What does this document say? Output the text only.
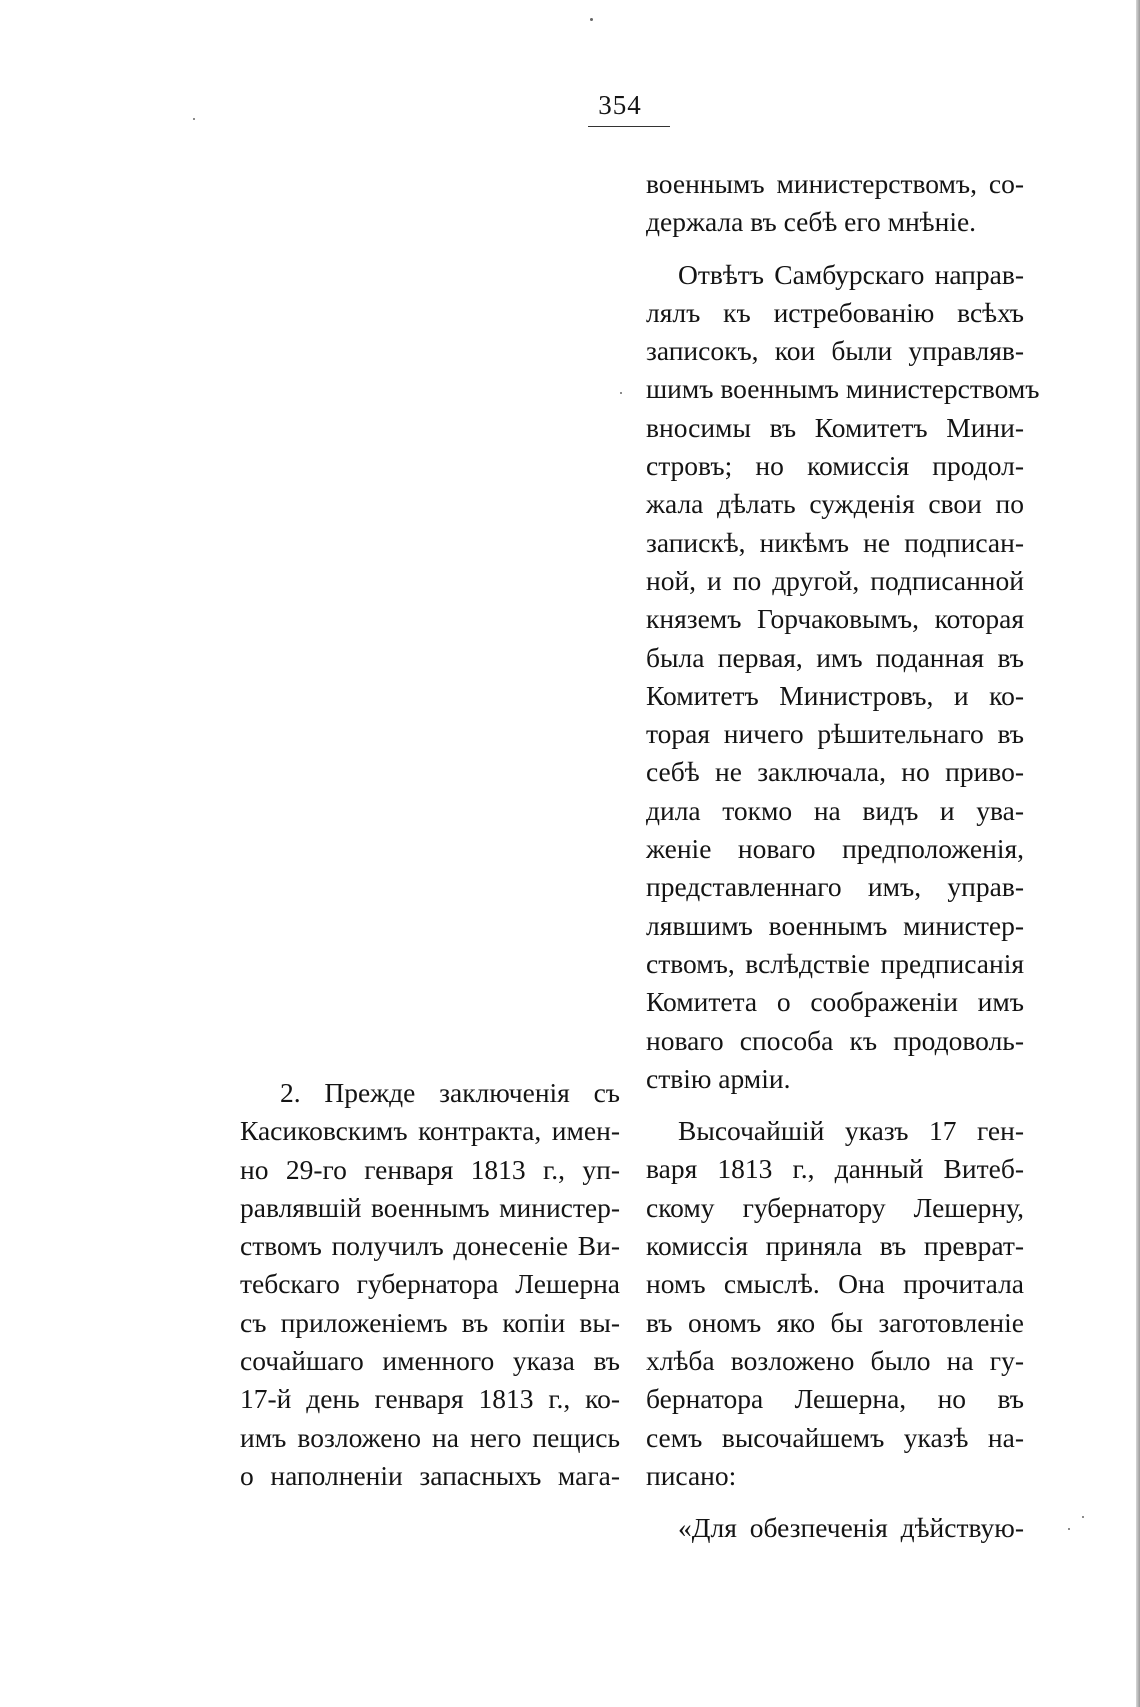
354

2. Прежде заключенія съ
Касиковскимъ контракта, имен-
но 29-го генваря 1813 г., уп-
равлявшій военнымъ министер-
ствомъ получилъ донесеніе Ви-
тебскаго губернатора Лешерна
съ приложеніемъ въ копіи вы-
сочайшаго именного указа въ
17-й день генваря 1813 г., ко-
имъ возложено на него пещись
о наполненіи запасныхъ мага-

военнымъ министерствомъ, со-
держала въ себѣ его мнѣніе.

Отвѣтъ Самбурскаго направ-
лялъ къ истребованію всѣхъ
записокъ, кои были управляв-
шимъ военнымъ министерствомъ
вносимы въ Комитетъ Мини-
стровъ; но комиссія продол-
жала дѣлать сужденія свои по
запискѣ, никѣмъ не подписан-
ной, и по другой, подписанной
княземъ Горчаковымъ, которая
была первая, имъ поданная въ
Комитетъ Министровъ, и ко-
торая ничего рѣшительнаго въ
себѣ не заключала, но приво-
дила токмо на видъ и ува-
женіе новаго предположенія,
представленнаго имъ, управ-
лявшимъ военнымъ министер-
ствомъ, вслѣдствіе предписанія
Комитета о соображеніи имъ
новаго способа къ продоволь-
ствію арміи.

Высочайшій указъ 17 ген-
варя 1813 г., данный Витеб-
скому губернатору Лешерну,
комиссія приняла въ преврат-
номъ смыслѣ. Она прочитала
въ ономъ яко бы заготовленіе
хлѣба возложено было на гу-
бернатора Лешерна, но въ
семъ высочайшемъ указѣ на-
писано:

«Для обезпеченія дѣйствую-
